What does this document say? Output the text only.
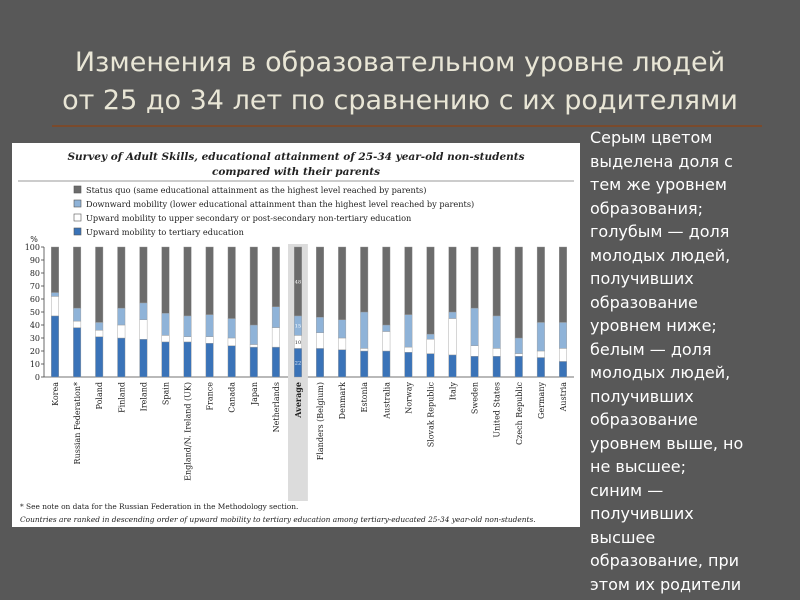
Изменения в образовательном уровне людей
от 25 до 34 лет по сравнению с их родителями
Survey of Adult Skills, educational attainment of 25-34 year-old non-students
compared with their parents
Status quo (same educational attainment as the highest level reached by parents)
Downward mobility (lower educational attainment than the highest level reached by parents)
Upward mobility to upper secondary or post-secondary non-tertiary education
Upward mobility to tertiary education
%
0
10
20
30
40
50
60
70
80
90
100
Korea Russian Federation* Poland Finland Ireland Spain England/N. Ireland (UK) France Canada Japan Netherlands Average Flanders (Belgium) Denmark Estonia Australia Norway Slovak Republic Italy Sweden United States Czech Republic Germany Austria
48
15
10
22
* See note on data for the Russian Federation in the Methodology section.
Countries are ranked in descending order of upward mobility to tertiary education among tertiary-educated 25-34 year-old non-students.

Серым цветом

выделена доля с

тем же уровнем

образования;

голубым — доля

молодых людей,

получивших

образование

уровнем ниже;

белым — доля

молодых людей,

получивших

образование

уровнем выше, но

не высшее;

синим —

получивших

высшее

образование, при

этом их родители
